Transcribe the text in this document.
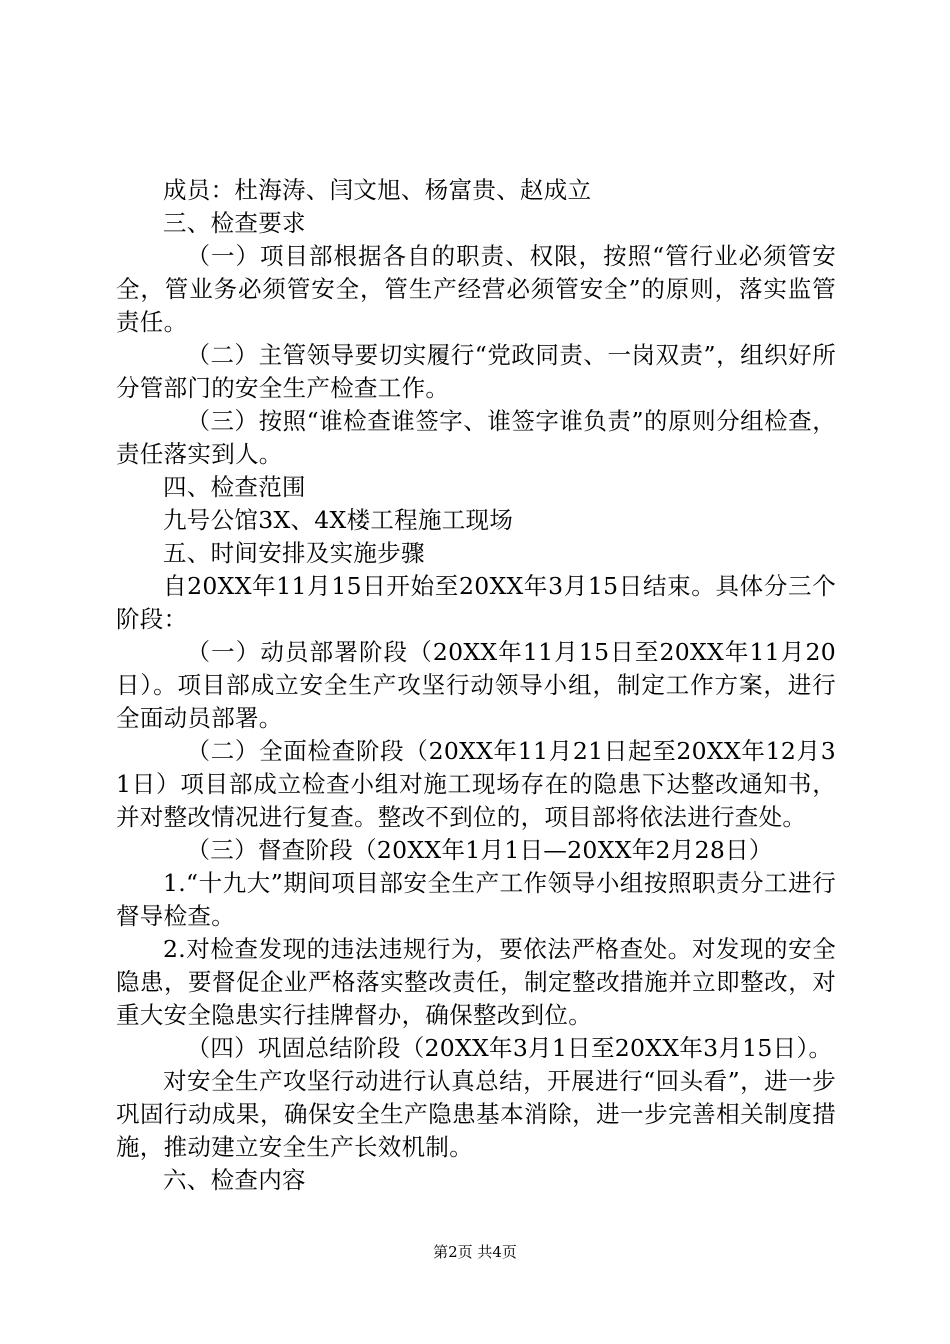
成员：杜海涛、闫文旭、杨富贵、赵成立

三、检查要求

（一）项目部根据各自的职责、权限，按照“管行业必须管安全，管业务必须管安全，管生产经营必须管安全”的原则，落实监管责任。

（二）主管领导要切实履行“党政同责、一岗双责”，组织好所分管部门的安全生产检查工作。

（三）按照“谁检查谁签字、谁签字谁负责”的原则分组检查，责任落实到人。

四、检查范围

九号公馆3X、4X楼工程施工现场

五、时间安排及实施步骤

自20XX年11月15日开始至20XX年3月15日结束。具体分三个阶段：

（一）动员部署阶段（20XX年11月15日至20XX年11月20日）。项目部成立安全生产攻坚行动领导小组，制定工作方案，进行全面动员部署。

（二）全面检查阶段（20XX年11月21日起至20XX年12月31日）项目部成立检查小组对施工现场存在的隐患下达整改通知书，并对整改情况进行复查。整改不到位的，项目部将依法进行查处。

（三）督查阶段（20XX年1月1日—20XX年2月28日）

1.“十九大”期间项目部安全生产工作领导小组按照职责分工进行督导检查。

2.对检查发现的违法违规行为，要依法严格查处。对发现的安全隐患，要督促企业严格落实整改责任，制定整改措施并立即整改，对重大安全隐患实行挂牌督办，确保整改到位。

（四）巩固总结阶段（20XX年3月1日至20XX年3月15日）。

对安全生产攻坚行动进行认真总结，开展进行“回头看”，进一步巩固行动成果，确保安全生产隐患基本消除，进一步完善相关制度措施，推动建立安全生产长效机制。

六、检查内容

第2页 共4页
